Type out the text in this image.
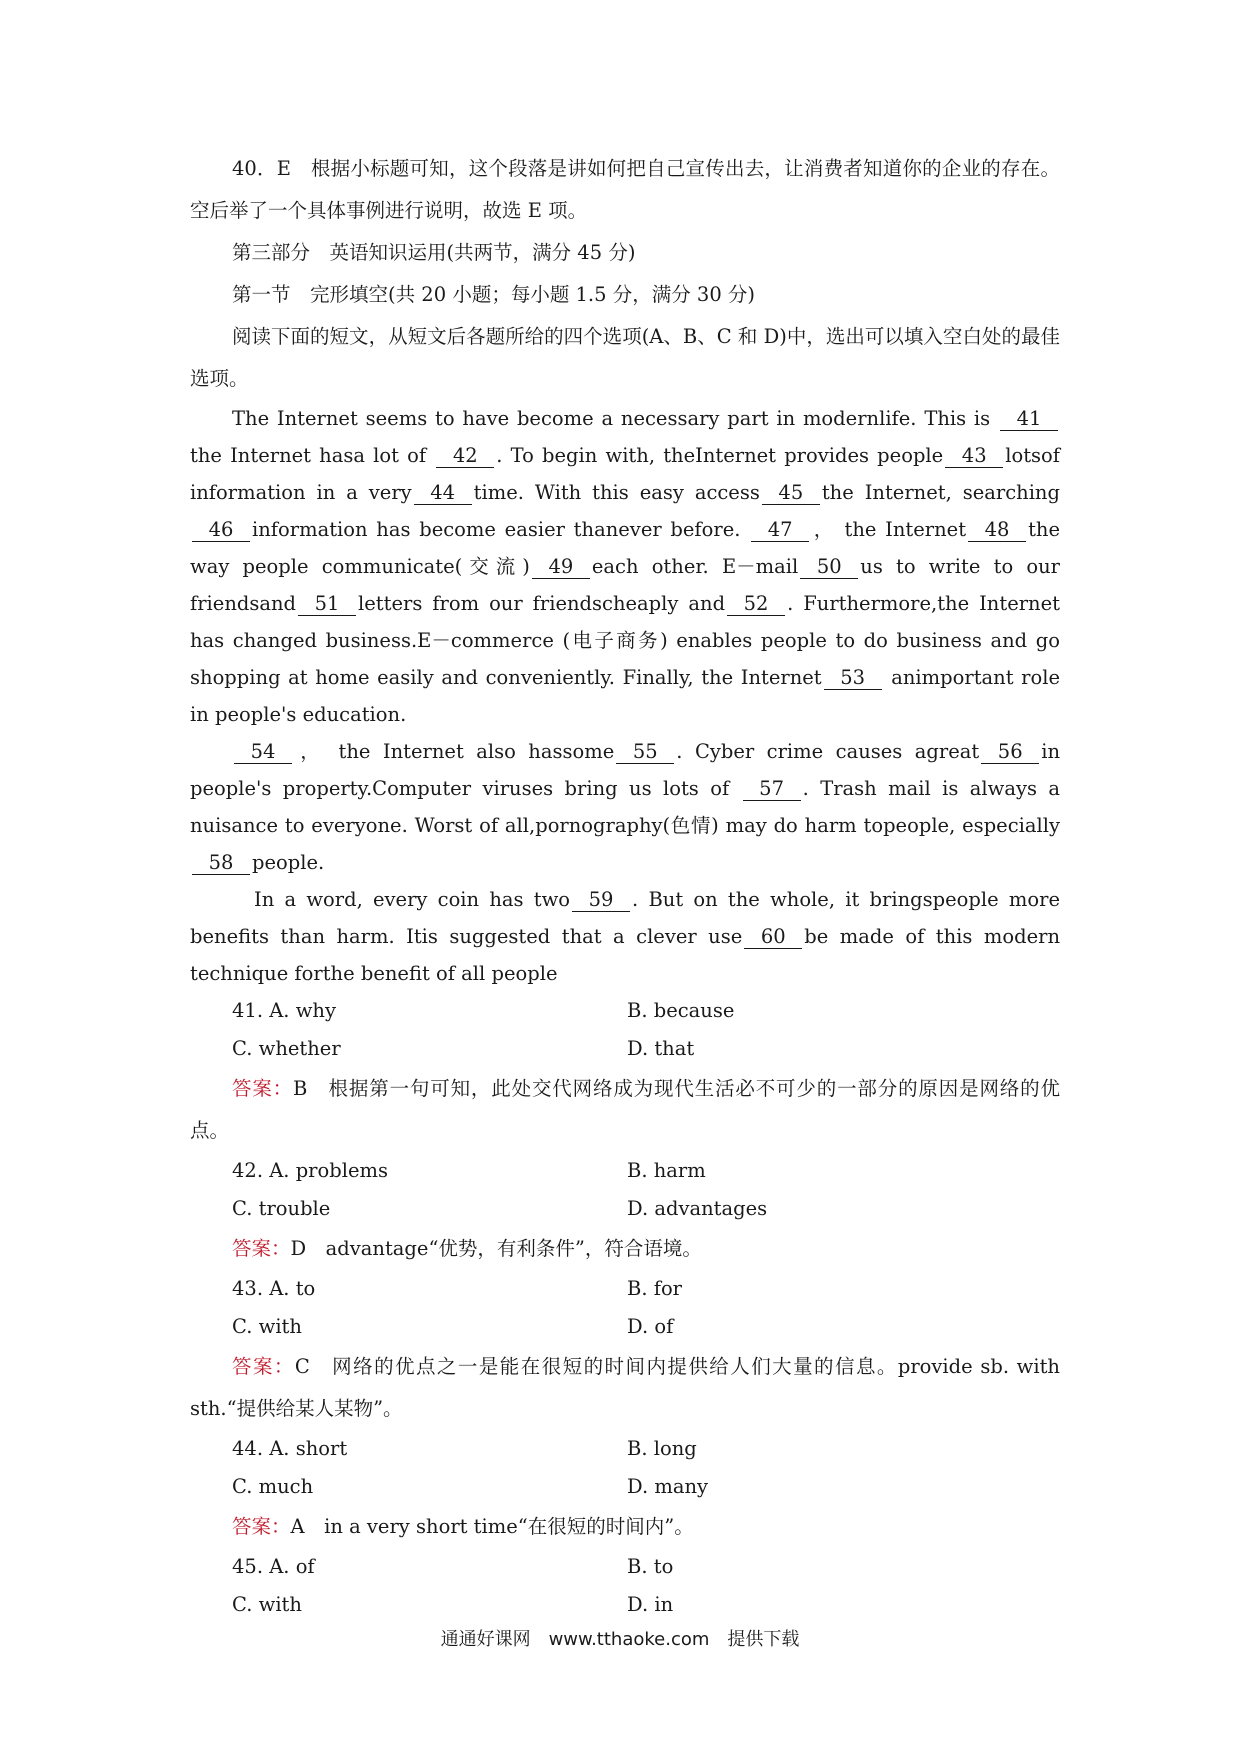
40．E　 根据小标题可知，这个段落是讲如何把自己宣传出去，让消费者知道你的企业的存在。空后举了一个具体事例进行说明，故选 E 项。

第三部分　英语知识运用(共两节，满分 45 分)

第一节　完形填空(共 20 小题；每小题 1.5 分，满分 30 分)

阅读下面的短文，从短文后各题所给的四个选项(A、B、C 和 D)中，选出可以填入空白处的最佳选项。

The Internet seems to have become a necessary part in modernlife. This is 41 the Internet hasa lot of 42 . To begin with, theInternet provides people 43 lotsof information in a very 44 time. With this easy access 45 the Internet, searching46 information has become easier thanever before. 47 ， the Internet 48 the way people communicate(交流) 49 each other. E－mail 50 us to write to our friendsand 51 letters from our friendscheaply and 52 . Furthermore,the Internet has changed business.E－commerce (电子商务) enables people to do business and go shopping at home easily and conveniently. Finally, the Internet 53 animportant role in people's education.

54 ， the Internet also hassome 55 . Cyber crime causes agreat 56 in people's property.Computer viruses bring us lots of 57 . Trash mail is always a nuisance to everyone. Worst of all,pornography(色情) may do harm topeople, especially58 people.

In a word, every coin has two 59 . But on the whole, it bringspeople more benefits than harm. Itis suggested that a clever use 60 be made of this modern technique forthe benefit of all people

41. A. why	B. because
C. whether	D. that

答案：B　根据第一句可知，此处交代网络成为现代生活必不可少的一部分的原因是网络的优点。

42. A. problems	B. harm
C. trouble	D. advantages

答案：D　advantage“优势，有利条件”，符合语境。

43. A. to	B. for
C. with	D. of

答案：C　网络的优点之一是能在很短的时间内提供给人们大量的信息。provide sb. with sth.“提供给某人某物”。

44. A. short	B. long
C. much	D. many

答案：A　in a very short time“在很短的时间内”。

45. A. of	B. to
C. with	D. in
通通好课网　www.tthaoke.com　提供下载
